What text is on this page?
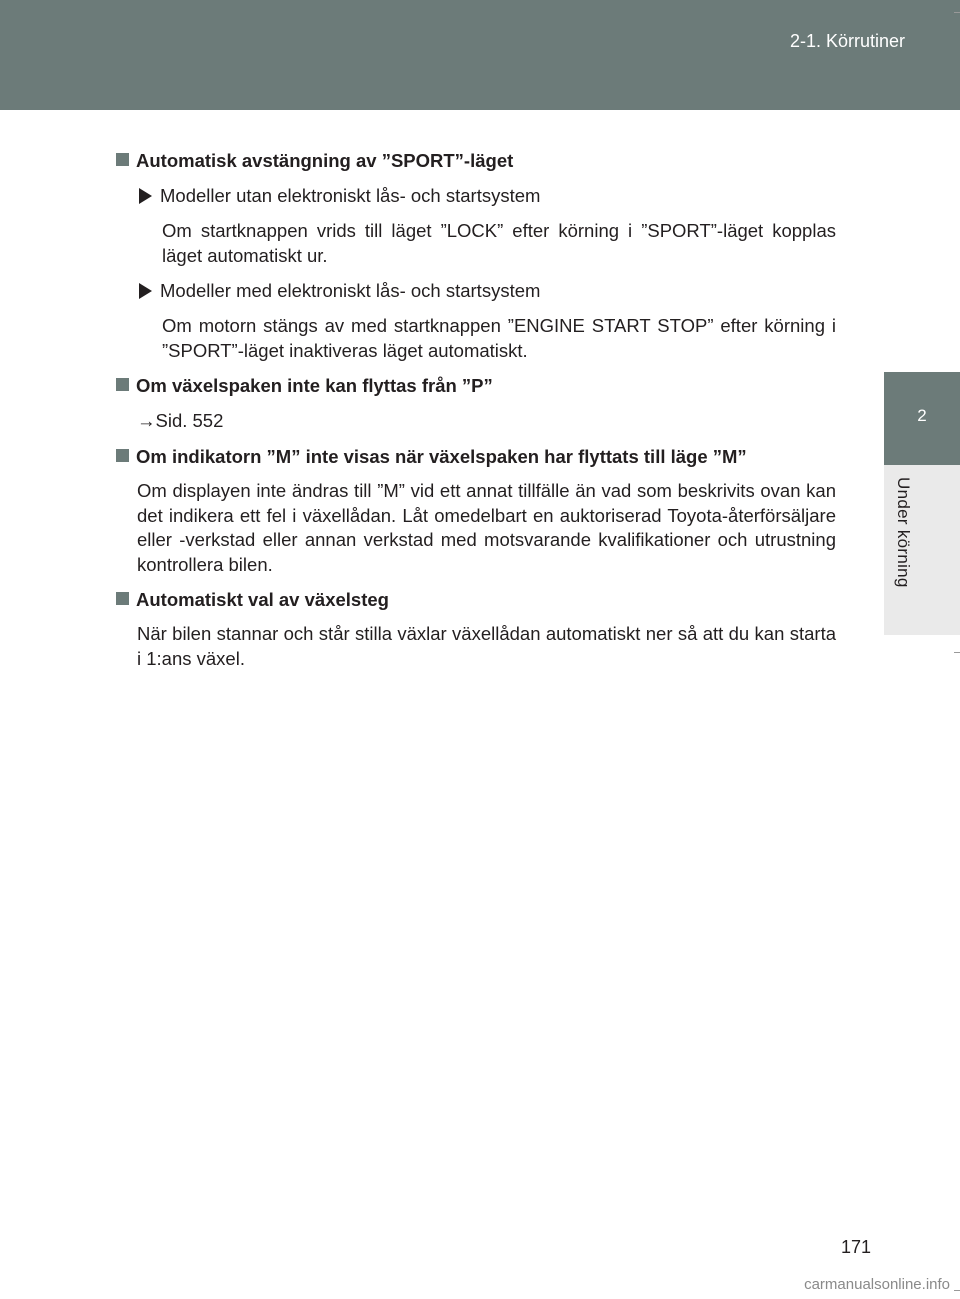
2-1. Körrutiner
2
Under körning
Automatisk avstängning av ”SPORT”-läget
Modeller utan elektroniskt lås- och startsystem
Om startknappen vrids till läget ”LOCK” efter körning i ”SPORT”-läget kopplas läget automatiskt ur.
Modeller med elektroniskt lås- och startsystem
Om motorn stängs av med startknappen ”ENGINE START STOP” efter körning i ”SPORT”-läget inaktiveras läget automatiskt.
Om växelspaken inte kan flyttas från ”P”
→Sid. 552
Om indikatorn ”M” inte visas när växelspaken har flyttats till läge ”M”
Om displayen inte ändras till ”M” vid ett annat tillfälle än vad som beskrivits ovan kan det indikera ett fel i växellådan. Låt omedelbart en auktoriserad Toyota-återförsäljare eller -verkstad eller annan verkstad med motsvarande kvalifikationer och utrustning kontrollera bilen.
Automatiskt val av växelsteg
När bilen stannar och står stilla växlar växellådan automatiskt ner så att du kan starta i 1:ans växel.
171
carmanualsonline.info
